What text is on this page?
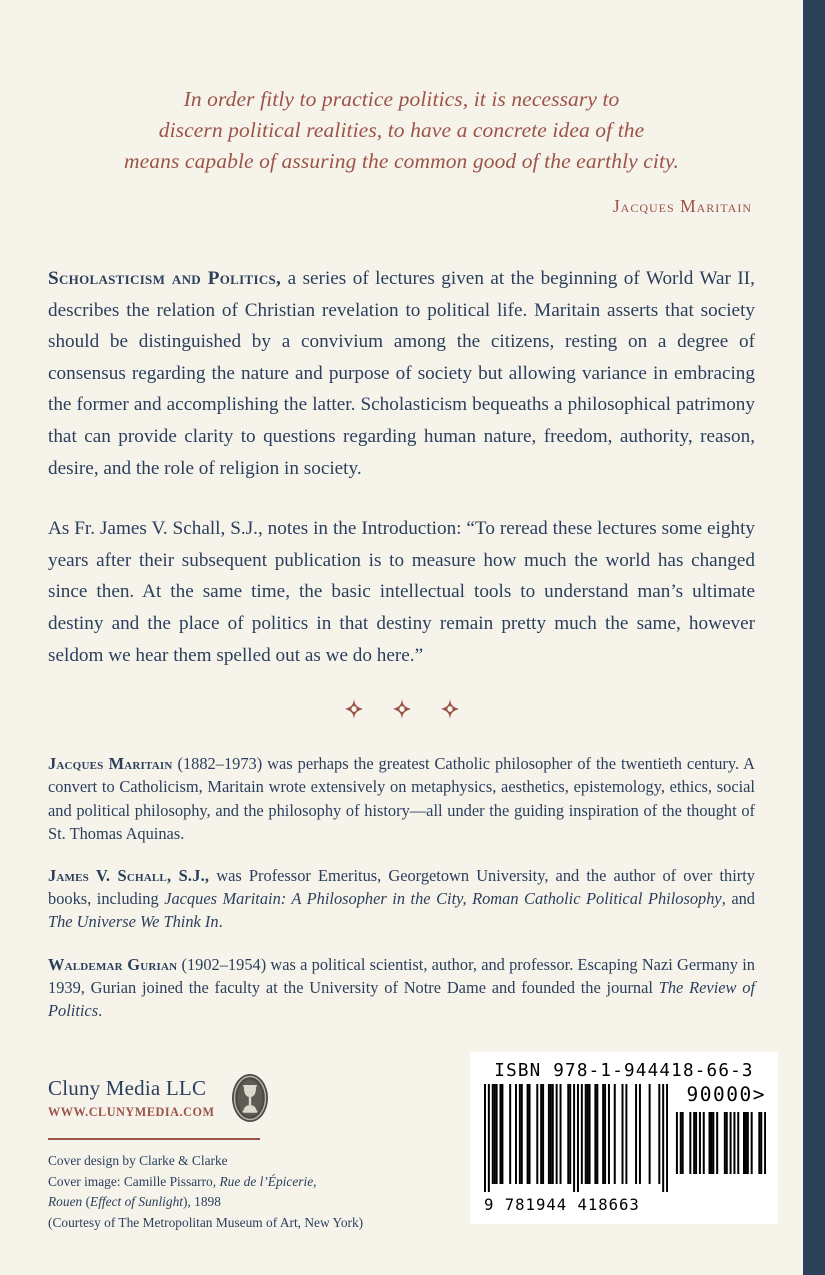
In order fitly to practice politics, it is necessary to
discern political realities, to have a concrete idea of the
means capable of assuring the common good of the earthly city.
Jacques Maritain

Scholasticism and Politics, a series of lectures given at the beginning of World War II, describes the relation of Christian revelation to political life. Maritain asserts that society should be distinguished by a convivium among the citizens, resting on a degree of consensus regarding the nature and purpose of society but allowing variance in embracing the former and accomplishing the latter. Scholasticism bequeaths a philosophical patrimony that can provide clarity to questions regarding human nature, freedom, authority, reason, desire, and the role of religion in society.

As Fr. James V. Schall, S.J., notes in the Introduction: “To reread these lectures some eighty years after their subsequent publication is to measure how much the world has changed since then. At the same time, the basic intellectual tools to understand man’s ultimate destiny and the place of politics in that destiny remain pretty much the same, however seldom we hear them spelled out as we do here.”

Jacques Maritain (1882–1973) was perhaps the greatest Catholic philosopher of the twentieth century. A convert to Catholicism, Maritain wrote extensively on metaphysics, aesthetics, epistemology, ethics, social and political philosophy, and the philosophy of history—all under the guiding inspiration of the thought of St. Thomas Aquinas.

James V. Schall, S.J., was Professor Emeritus, Georgetown University, and the author of over thirty books, including Jacques Maritain: A Philosopher in the City, Roman Catholic Political Philosophy, and The Universe We Think In.

Waldemar Gurian (1902–1954) was a political scientist, author, and professor. Escaping Nazi Germany in 1939, Gurian joined the faculty at the University of Notre Dame and founded the journal The Review of Politics.

Cluny Media LLC
WWW.CLUNYMEDIA.COM
Cover design by Clarke & Clarke
Cover image: Camille Pissarro, Rue de l’Épicerie,
Rouen (Effect of Sunlight), 1898
(Courtesy of The Metropolitan Museum of Art, New York)
ISBN 978-1-944418-66-3
9 781944 418663
90000>
